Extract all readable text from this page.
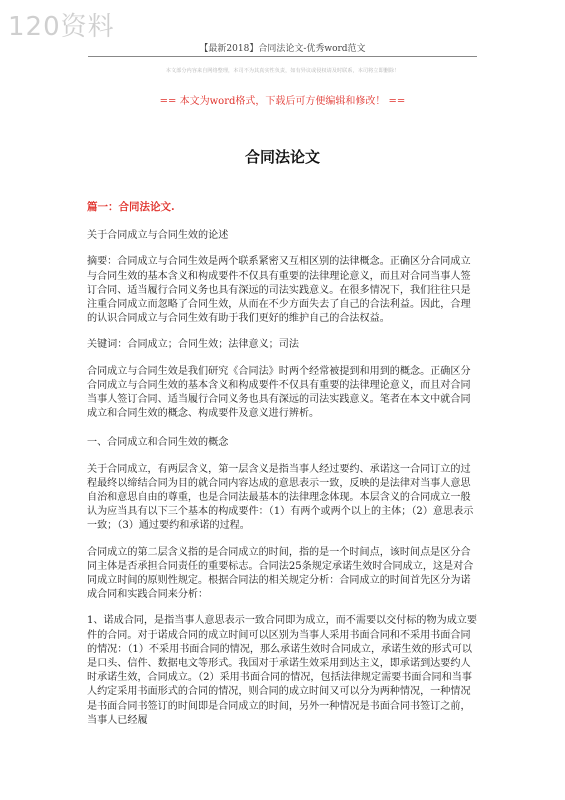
120资料
【最新2018】合同法论文-优秀word范文
本文部分内容来自网络整理，本司不为其真实性负责，如有异议或侵权请及时联系，本司将立即删除！
== 本文为word格式，下载后可方便编辑和修改！ ==
合同法论文

篇一：合同法论文.

关于合同成立与合同生效的论述

摘要：合同成立与合同生效是两个联系紧密又互相区别的法律概念。正确区分合同成立与合同生效的基本含义和构成要件不仅具有重要的法律理论意义，而且对合同当事人签订合同、适当履行合同义务也具有深远的司法实践意义。在很多情况下，我们往往只是注重合同成立而忽略了合同生效，从而在不少方面失去了自己的合法利益。因此，合理的认识合同成立与合同生效有助于我们更好的维护自己的合法权益。

关键词：合同成立；合同生效；法律意义；司法

合同成立与合同生效是我们研究《合同法》时两个经常被提到和用到的概念。正确区分合同成立与合同生效的基本含义和构成要件不仅具有重要的法律理论意义，而且对合同当事人签订合同、适当履行合同义务也具有深远的司法实践意义。笔者在本文中就合同成立和合同生效的概念、构成要件及意义进行辨析。

一、合同成立和合同生效的概念

关于合同成立，有两层含义，第一层含义是指当事人经过要约、承诺这一合同订立的过程最终以缔结合同为目的就合同内容达成的意思表示一致，反映的是法律对当事人意思自治和意思自由的尊重，也是合同法最基本的法律理念体现。本层含义的合同成立一般认为应当具有以下三个基本的构成要件：（1）有两个或两个以上的主体；（2）意思表示一致；（3）通过要约和承诺的过程。

合同成立的第二层含义指的是合同成立的时间，指的是一个时间点，该时间点是区分合同主体是否承担合同责任的重要标志。合同法25条规定承诺生效时合同成立，这是对合同成立时间的原则性规定。根据合同法的相关规定分析：合同成立的时间首先区分为诺成合同和实践合同来分析：

1、诺成合同，是指当事人意思表示一致合同即为成立，而不需要以交付标的物为成立要件的合同。对于诺成合同的成立时间可以区别为当事人采用书面合同和不采用书面合同的情况：（1）不采用书面合同的情况，那么承诺生效时合同成立，承诺生效的形式可以是口头、信件、数据电文等形式。我国对于承诺生效采用到达主义，即承诺到达要约人时承诺生效，合同成立。（2）采用书面合同的情况，包括法律规定需要书面合同和当事人约定采用书面形式的合同的情况，则合同的成立时间又可以分为两种情况，一种情况是书面合同书签订的时间即是合同成立的时间，另外一种情况是书面合同书签订之前，当事人已经履
